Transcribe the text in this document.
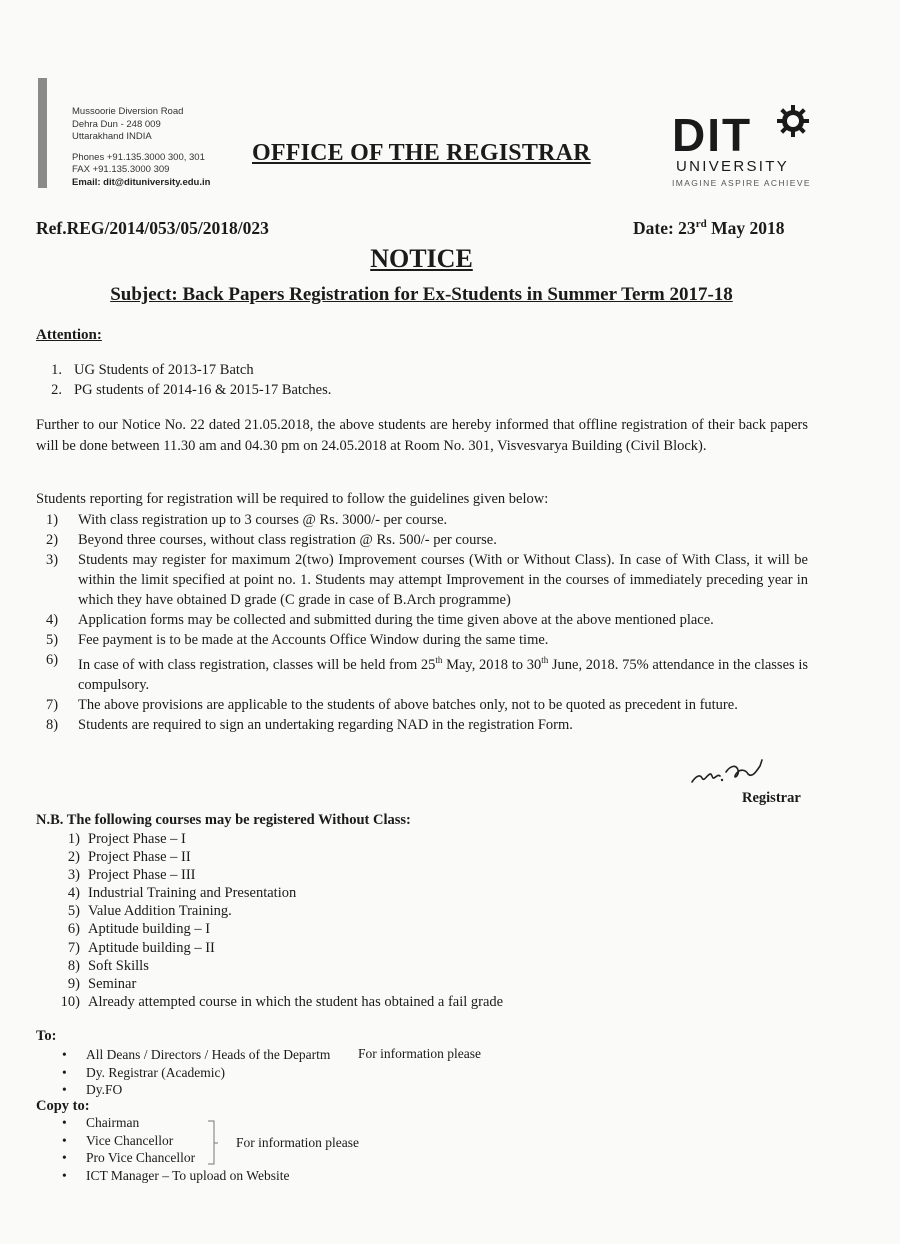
Mussoorie Diversion Road
Dehra Dun - 248 009
Uttarakhand INDIA
Phones +91.135.3000 300, 301
FAX +91.135.3000 309
Email: dit@dituniversity.edu.in
OFFICE OF THE REGISTRAR DIT
UNIVERSITY
IMAGINE ASPIRE ACHIEVE
Ref.REG/2014/053/05/2018/023	Date: 23rd May 2018
NOTICE
Subject: Back Papers Registration for Ex-Students in Summer Term 2017-18
Attention:
1. UG Students of 2013-17 Batch
2. PG students of 2014-16 & 2015-17 Batches.
Further to our Notice No. 22 dated 21.05.2018, the above students are hereby informed that offline registration of their back papers will be done between 11.30 am and 04.30 pm on 24.05.2018 at Room No. 301, Visvesvarya Building (Civil Block).
Students reporting for registration will be required to follow the guidelines given below:
1)	With class registration up to 3 courses @ Rs. 3000/- per course.
2)	Beyond three courses, without class registration @ Rs. 500/- per course.
3)	Students may register for maximum 2(two) Improvement courses (With or Without Class). In case of With Class, it will be within the limit specified at point no. 1. Students may attempt Improvement in the courses of immediately preceding year in which they have obtained D grade (C grade in case of B.Arch programme)
4)	Application forms may be collected and submitted during the time given above at the above mentioned place.
5)	Fee payment is to be made at the Accounts Office Window during the same time.
6)	In case of with class registration, classes will be held from 25th May, 2018 to 30th June, 2018. 75% attendance in the classes is compulsory.
7)	The above provisions are applicable to the students of above batches only, not to be quoted as precedent in future.
8)	Students are required to sign an undertaking regarding NAD in the registration Form.
Registrar
N.B. The following courses may be registered Without Class:
1) Project Phase – I
2) Project Phase – II
3) Project Phase – III
4) Industrial Training and Presentation
5) Value Addition Training.
6) Aptitude building – I
7) Aptitude building – II
8) Soft Skills
9) Seminar
10) Already attempted course in which the student has obtained a fail grade
To:
•	All Deans / Directors / Heads of the Departm
•	Dy. Registrar (Academic)
•	Dy.FO
For information please
Copy to:
•	Chairman
•	Vice Chancellor
•	Pro Vice Chancellor
•	ICT Manager – To upload on Website
For information please
